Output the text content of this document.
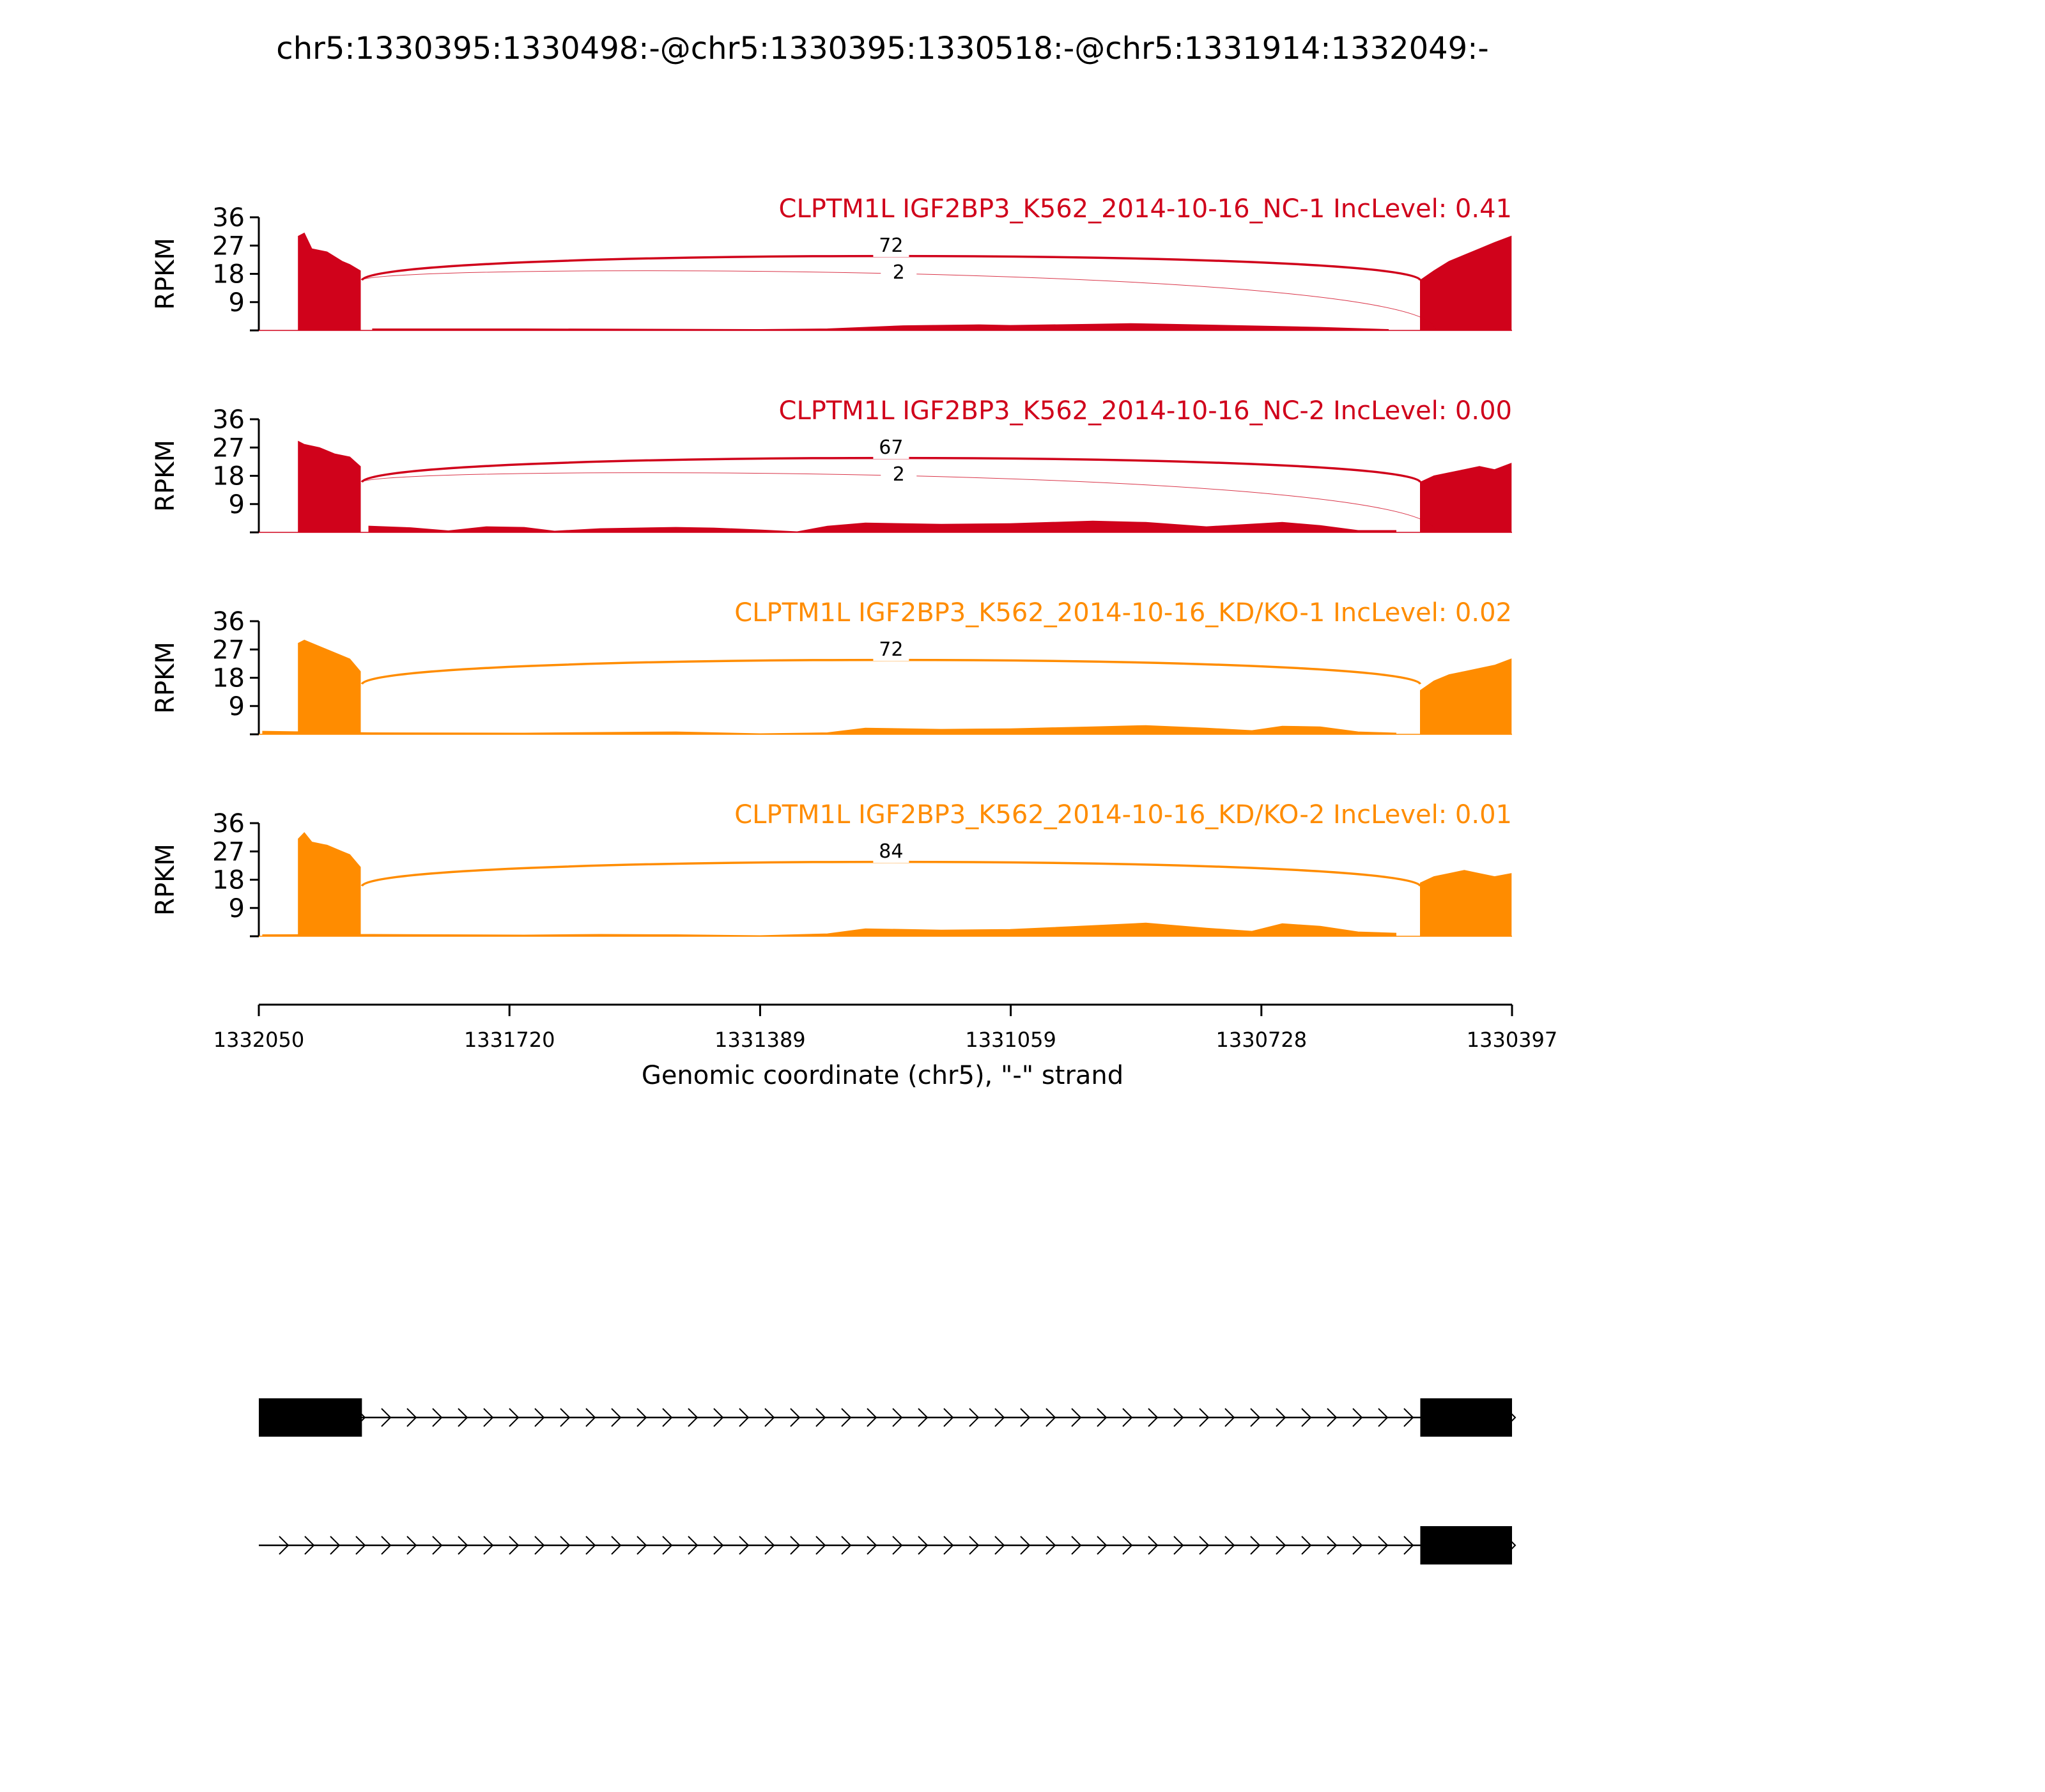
chr5:1330395:1330498:-@chr5:1330395:1330518:-@chr5:1331914:1332049:-
36
27
18
9
RPKM	72
2
CLPTM1L IGF2BP3_K562_2014-10-16_NC-1 IncLevel: 0.41
36
27
18
9
RPKM	67
2
CLPTM1L IGF2BP3_K562_2014-10-16_NC-2 IncLevel: 0.00
36
27
18
9
RPKM	72
CLPTM1L IGF2BP3_K562_2014-10-16_KD/KO-1 IncLevel: 0.02
36
27
18
9
RPKM	84
CLPTM1L IGF2BP3_K562_2014-10-16_KD/KO-2 IncLevel: 0.01
1332050	1331720	1331389	1331059	1330728	1330397
Genomic coordinate (chr5), "-" strand
